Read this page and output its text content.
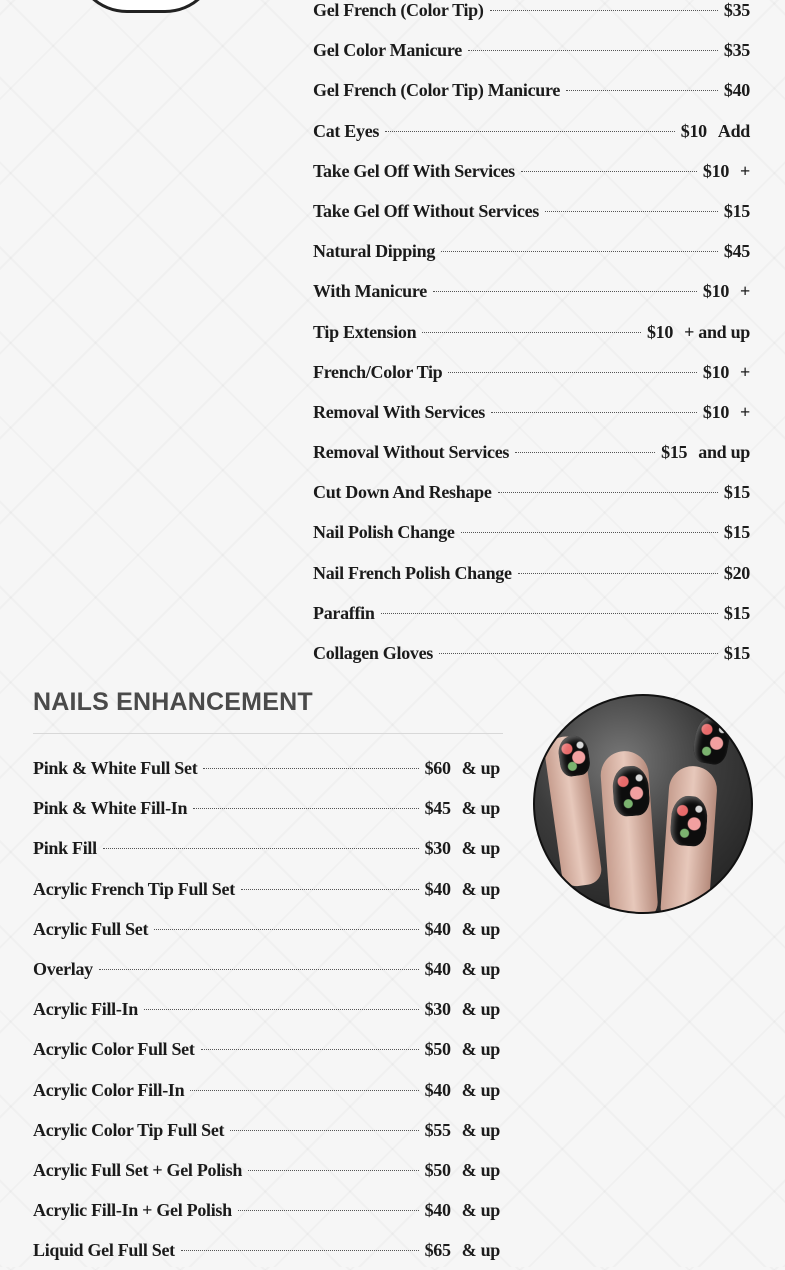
Gel French (Color Tip)	$35
Gel Color Manicure	$35
Gel French (Color Tip) Manicure	$40
Cat Eyes	$10 Add
Take Gel Off With Services	$10 +
Take Gel Off Without Services	$15
Natural Dipping	$45
With Manicure	$10 +
Tip Extension	$10 + and up
French/Color Tip	$10 +
Removal With Services	$10 +
Removal Without Services	$15 and up
Cut Down And Reshape	$15
Nail Polish Change	$15
Nail French Polish Change	$20
Paraffin	$15
Collagen Gloves	$15
NAILS ENHANCEMENT
Pink & White Full Set	$60 & up
Pink & White Fill-In	$45 & up
Pink Fill	$30 & up
Acrylic French Tip Full Set	$40 & up
Acrylic Full Set	$40 & up
Overlay	$40 & up
Acrylic Fill-In	$30 & up
Acrylic Color Full Set	$50 & up
Acrylic Color Fill-In	$40 & up
Acrylic Color Tip Full Set	$55 & up
Acrylic Full Set + Gel Polish	$50 & up
Acrylic Fill-In + Gel Polish	$40 & up
Liquid Gel Full Set	$65 & up
